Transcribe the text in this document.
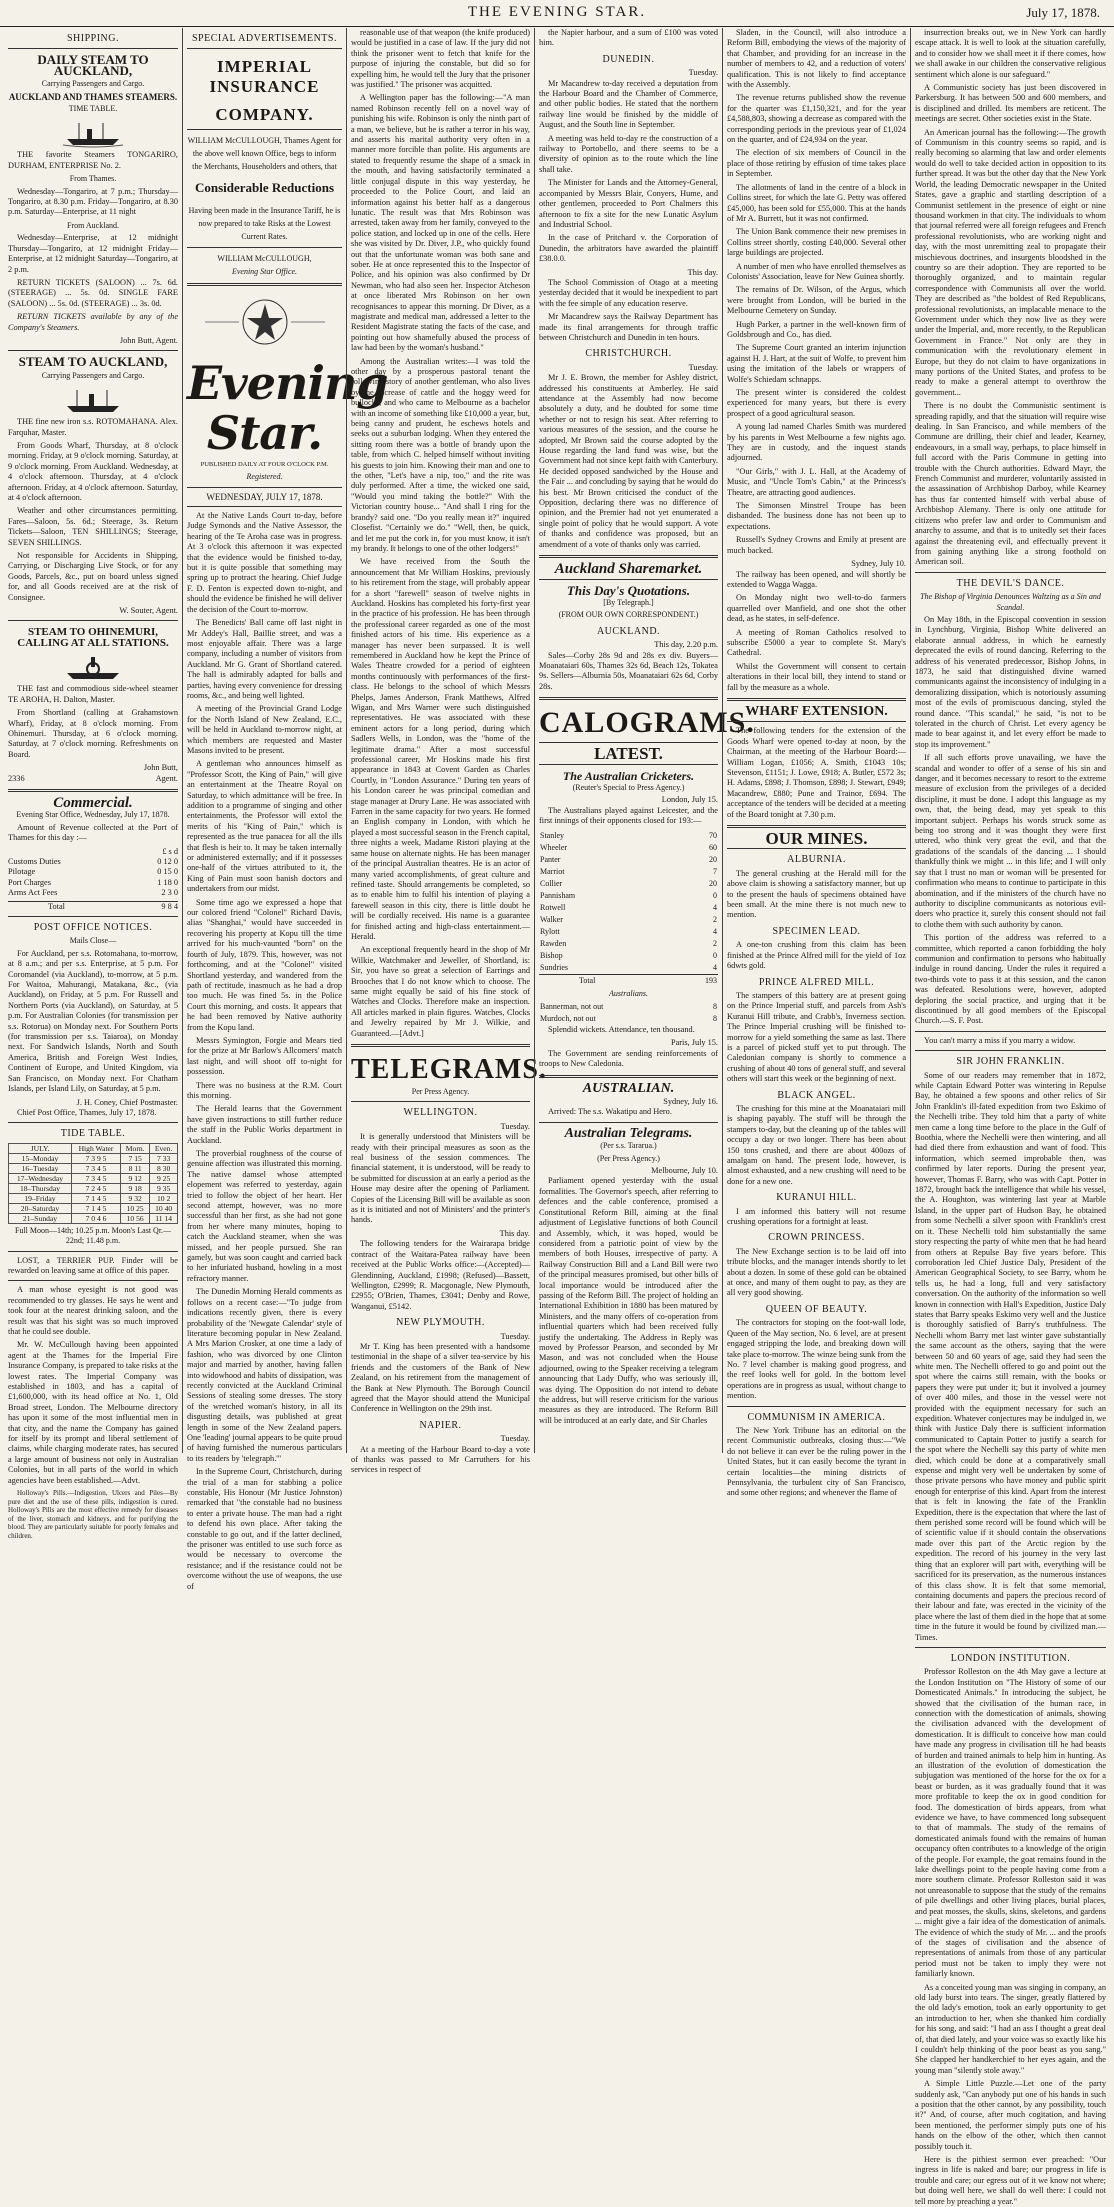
THE EVENING STAR.	July 17, 1878.
SHIPPING.
DAILY STEAM TO AUCKLAND,
Carrying Passengers and Cargo.
AUCKLAND AND THAMES STEAMERS.
TIME TABLE.

THE favorite Steamers TONGARIRO, DURHAM, ENTERPRISE No. 2.

From Thames.

Wednesday—Tongariro, at 7 p.m.; Thursday—Tongariro, at 8.30 p.m. Friday—Tongariro, at 8.30 p.m. Saturday—Enterprise, at 11 night

From Auckland.

Wednesday—Enterprise, at 12 midnight Thursday—Tongariro, at 12 midnight Friday—Enterprise, at 12 midnight Saturday—Tongariro, at 2 p.m.

RETURN TICKETS (SALOON) ... 7s. 6d. (STEERAGE) ... 5s. 0d. SINGLE FARE (SALOON) ... 5s. 0d. (STEERAGE) ... 3s. 0d.

RETURN TICKETS available by any of the Company's Steamers.

John Butt, Agent.
STEAM TO AUCKLAND,
Carrying Passengers and Cargo.

THE fine new iron s.s. ROTOMAHANA. Alex. Farquhar, Master.

From Goods Wharf, Thursday, at 8 o'clock morning. Friday, at 9 o'clock morning. Saturday, at 9 o'clock morning. From Auckland. Wednesday, at 4 o'clock afternoon. Thursday, at 4 o'clock afternoon. Friday, at 4 o'clock afternoon. Saturday, at 4 o'clock afternoon.

Weather and other circumstances permitting. Fares—Saloon, 5s. 6d.; Steerage, 3s. Return Tickets—Saloon, TEN SHILLINGS; Steerage, SEVEN SHILLINGS.

Not responsible for Accidents in Shipping, Carrying, or Discharging Live Stock, or for any Goods, Parcels, &c., put on board unless signed for, and all Goods received are at the risk of Consignee.

W. Souter, Agent.
STEAM TO OHINEMURI, CALLING AT ALL STATIONS.

THE fast and commodious side-wheel steamer TE AROHA, H. Dalton, Master.

From Shortland (calling at Grahamstown Wharf), Friday, at 8 o'clock morning. From Ohinemuri. Thursday, at 6 o'clock morning. Saturday, at 7 o'clock morning. Refreshments on Board.

John Butt,
2336	Agent.
Commercial.
Evening Star Office, Wednesday, July 17, 1878.

Amount of Revenue collected at the Port of Thames for this day :—

£ s d
Customs Duties	0 12 0
Pilotage	0 15 0
Port Charges	1 18 0
Arms Act Fees	2 3 0
Total	9 8 4
POST OFFICE NOTICES.
Mails Close—

For Auckland, per s.s. Rotomahana, to-morrow, at 8 a.m.; and per s.s. Enterprise, at 5 p.m. For Coromandel (via Auckland), to-morrow, at 5 p.m. For Waitoa, Mahurangi, Matakana, &c., (via Auckland), on Friday, at 5 p.m. For Russell and Northern Ports (via Auckland), on Saturday, at 5 p.m. For Australian Colonies (for transmission per s.s. Rotorua) on Monday next. For Southern Ports (for transmission per s.s. Taiaroa), on Monday next. For Sandwich Islands, North and South America, British and Foreign West Indies, Continent of Europe, and United Kingdom, via San Francisco, on Monday next. For Chatham Islands, per Island Lily, on Saturday, at 5 p.m.

J. H. Coney, Chief Postmaster.

Chief Post Office, Thames, July 17, 1878.

TIDE TABLE.
JULY.	High Water	Morn.	Even.
15–Monday	7 3 9 5	7 15	7 33
16–Tuesday	7 3 4 5	8 11	8 30
17–Wednesday	7 3 4 5	9 12	9 25
18–Thursday	7 2 4 5	9 18	9 35
19–Friday	7 1 4 5	9 32	10 2
20–Saturday	7 1 4 5	10 25	10 40
21–Sunday	7 0 4 6	10 56	11 14
Full Moon—14th; 10.25 p.m. Moon's Last Qr.—22nd; 11.48 p.m.

LOST, a TERRIER PUP. Finder will be rewarded on leaving same at office of this paper.

A man whose eyesight is not good was recommended to try glasses. He says he went and took four at the nearest drinking saloon, and the result was that his sight was so much improved that he could see double.

Mr. W. McCullough having been appointed agent at the Thames for the Imperial Fire Insurance Company, is prepared to take risks at the lowest rates. The Imperial Company was established in 1803, and has a capital of £1,600,000, with its head office at No. 1, Old Broad street, London. The Melbourne directory has upon it some of the most influential men in that city, and the name the Company has gained for itself by its prompt and liberal settlement of claims, while charging moderate rates, has secured a large amount of business not only in Australian Colonies, but in all parts of the world in which agencies have been established.—Advt.

Holloway's Pills.—Indigestion, Ulcers and Piles—By pure diet and the use of these pills, indigestion is cured. Holloway's Pills are the most effective remedy for diseases of the liver, stomach and kidneys, and for purifying the blood. They are particularly suitable for poorly females and children.

SPECIAL ADVERTISEMENTS.
IMPERIAL INSURANCE
COMPANY.
WILLIAM McCULLOUGH, Thames Agent for the above well known Office, begs to inform the Merchants, Householders and others, that
Considerable Reductions
Having been made in the Insurance Tariff, he is now prepared to take Risks at the Lowest Current Rates.
WILLIAM McCULLOUGH,
Evening Star Office.
Evening Star.
PUBLISHED DAILY AT FOUR O'CLOCK P.M.
Registered.
WEDNESDAY, JULY 17, 1878.

At the Native Lands Court to-day, before Judge Symonds and the Native Assessor, the hearing of the Te Aroha case was in progress. At 3 o'clock this afternoon it was expected that the evidence would be finished to-day, but it is quite possible that something may spring up to protract the hearing. Chief Judge F. D. Fenton is expected down to-night, and should the evidence be finished he will deliver the decision of the Court to-morrow.

The Benedicts' Ball came off last night in Mr Addey's Hall, Baillie street, and was a most enjoyable affair. There was a large company, including a number of visitors from Auckland. Mr G. Grant of Shortland catered. The hall is admirably adapted for balls and parties, having every convenience for dressing rooms, &c., and being well lighted.

A meeting of the Provincial Grand Lodge for the North Island of New Zealand, E.C., will be held in Auckland to-morrow night, at which members are requested and Master Masons invited to be present.

A gentleman who announces himself as "Professor Scott, the King of Pain," will give an entertainment at the Theatre Royal on Saturday, to which admittance will be free. In addition to a programme of singing and other entertainments, the Professor will extol the merits of his "King of Pain," which is represented as the true panacea for all the ills that flesh is heir to. It may be taken internally or administered externally; and if it possesses one-half of the virtues attributed to it, the King of Pain must soon banish doctors and undertakers from our midst.

Some time ago we expressed a hope that our colored friend "Colonel" Richard Davis, alias "Shanghai," would have succeeded in recovering his property at Kopu till the time arrived for his much-vaunted "born" on the fourth of July, 1879. This, however, was not forthcoming, and at the "Colonel" visited Shortland yesterday, and wandered from the path of rectitude, inasmuch as he had a drop too much. He was fined 5s. in the Police Court this morning, and costs. It appears that he had been removed by Native authority from the Kopu land.

Messrs Symington, Forgie and Mears tied for the prize at Mr Barlow's Allcomers' match last night, and will shoot off to-night for possession.

There was no business at the R.M. Court this morning.

The Herald learns that the Government have given instructions to still further reduce the staff in the Public Works department in Auckland.

The proverbial roughness of the course of genuine affection was illustrated this morning. The native damsel whose attempted elopement was referred to yesterday, again tried to follow the object of her heart. Her second attempt, however, was no more successful than her first, as she had not gone from her where many minutes, hoping to catch the Auckland steamer, when she was missed, and her people pursued. She ran gamely, but was soon caught and carried back to her infuriated husband, howling in a most refractory manner.

The Dunedin Morning Herald comments as follows on a recent case:—"To judge from indications recently given, there is every probability of the 'Newgate Calendar' style of literature becoming popular in New Zealand. A Mrs Marion Crosker, at one time a lady of fashion, who was divorced by one Clinton major and married by another, having fallen into widowhood and habits of dissipation, was recently convicted at the Auckland Criminal Sessions of stealing some dresses. The story of the wretched woman's history, in all its disgusting details, was published at great length in some of the New Zealand papers. One 'leading' journal appears to be quite proud of having furnished the numerous particulars to its readers by 'telegraph.'"

In the Supreme Court, Christchurch, during the trial of a man for stabbing a police constable, His Honour (Mr Justice Johnston) remarked that "the constable had no business to enter a private house. The man had a right to defend his own place. After taking the constable to go out, and if the latter declined, the prisoner was entitled to use such force as would be necessary to overcome the resistance; and if the resistance could not be overcome without the use of weapons, the use of

reasonable use of that weapon (the knife produced) would be justified in a case of law. If the jury did not think the prisoner went to fetch that knife for the purpose of injuring the constable, but did so for expelling him, he would tell the Jury that the prisoner was justified." The prisoner was acquitted.

A Wellington paper has the following:—"A man named Robinson recently fell on a novel way of punishing his wife. Robinson is only the ninth part of a man, we believe, but he is rather a terror in his way, and asserts his marital authority very often in a manner more forcible than polite. His arguments are stated to frequently resume the shape of a smack in the mouth, and having satisfactorily terminated a little conjugal dispute in this way yesterday, he proceeded to the Police Court, and laid an information against his better half as a dangerous lunatic. The result was that Mrs Robinson was arrested, taken away from her family, conveyed to the police station, and locked up in one of the cells. Here she was visited by Dr. Diver, J.P., who quickly found out that the unfortunate woman was both sane and sober. He at once represented this to the Inspector of Police, and his opinion was also confirmed by Dr Newman, who had also seen her. Inspector Atcheson at once liberated Mrs Robinson on her own recognisances to appear this morning. Dr Diver, as a magistrate and medical man, addressed a letter to the Resident Magistrate stating the facts of the case, and pointing out how shamefully abused the process of law had been by the woman's husband."

Among the Australian writes:—I was told the other day by a prosperous pastoral tenant the following story of another gentleman, who also lives by the increase of cattle and the hoggy weed for bullocks, and who came to Melbourne as a bachelor with an income of something like £10,000 a year, but, being canny and prudent, he eschews hotels and seeks out a suburban lodging. When they entered the sitting room there was a bottle of brandy upon the table, from which C. helped himself without inviting his guests to join him. Knowing their man and one to the other, "Let's have a nip, too," and the rite was duly performed. After a time, the wicked one said, "Would you mind taking the bottle?" With the Victorian country house... "And shall I ring for the brandy? said one. "Do you really mean it?" inquired Closefist. "Certainly we do." "Well, then, be quick, and let me put the cork in, for you must know, it isn't my brandy. It belongs to one of the other lodgers!"

We have received from the South the announcement that Mr William Hoskins, previously to his retirement from the stage, will probably appear for a short "farewell" season of twelve nights in Auckland. Hoskins has completed his forty-first year in the practice of his profession. He has been through the professional career regarded as one of the most finished actors of his time. His experience as a manager has never been surpassed. It is well remembered in Auckland how he kept the Prince of Wales Theatre crowded for a period of eighteen months continuously with performances of the first-class. He belongs to the school of which Messrs Phelps, James Anderson, Frank Matthews, Alfred Wigan, and Mrs Warner were such distinguished representatives. He was associated with these eminent actors for a long period, during which Sadlers Wells, in London, was the "home of the legitimate drama." After a most successful professional career, Mr Hoskins made his first appearance in 1843 at Covent Garden as Charles Courtly, in "London Assurance." During ten years of his London career he was principal comedian and stage manager at Drury Lane. He was associated with Farren in the same capacity for two years. He formed an English company in London, with which he played a most successful season in the French capital, three nights a week, Madame Ristori playing at the same house on alternate nights. He has been manager of the principal Australian theatres. He is an actor of many varied accomplishments, of great culture and refined taste. Should arrangements be completed, so as to enable him to fulfil his intention of playing a farewell season in this city, there is little doubt he will be cordially received. His name is a guarantee for finished acting and high-class entertainment.—Herald.

An exceptional frequently heard in the shop of Mr Wilkie, Watchmaker and Jeweller, of Shortland, is: Sir, you have so great a selection of Earrings and Brooches that I do not know which to choose. The same might equally be said of his fine stock of Watches and Clocks. Therefore make an inspection. All articles marked in plain figures. Watches, Clocks and Jewelry repaired by Mr J. Wilkie, and Guaranteed.—[Advt.]

TELEGRAMS.
Per Press Agency.
WELLINGTON.
Tuesday.

It is generally understood that Ministers will be ready with their principal measures as soon as the real business of the session commences. The financial statement, it is understood, will be ready to be submitted for discussion at an early a period as the House may desire after the opening of Parliament. Copies of the Licensing Bill will be available as soon as it is initiated and not of Ministers' and the printer's hands.

This day.

The following tenders for the Wairarapa bridge contract of the Waitara-Patea railway have been received at the Public Works office:—(Accepted)—Glendinning, Auckland, £1998; (Refused)—Bassett, Wellington, £2999; R. Macgonagle, New Plymouth, £2955; O'Brien, Thames, £3041; Denby and Rowe, Wanganui, £5142.

NEW PLYMOUTH.
Tuesday.

Mr T. King has been presented with a handsome testimonial in the shape of a silver tea-service by his friends and the customers of the Bank of New Zealand, on his retirement from the management of the Bank at New Plymouth. The Borough Council agreed that the Mayor should attend the Municipal Conference in Wellington on the 29th inst.

NAPIER.
Tuesday.

At a meeting of the Harbour Board to-day a vote of thanks was passed to Mr Carruthers for his services in respect of

the Napier harbour, and a sum of £100 was voted him.

DUNEDIN.
Tuesday.

Mr Macandrew to-day received a deputation from the Harbour Board and the Chamber of Commerce, and other public bodies. He stated that the northern railway line would be finished by the middle of August, and the South line in September.

A meeting was held to-day re the construction of a railway to Portobello, and there seems to be a diversity of opinion as to the route which the line shall take.

The Minister for Lands and the Attorney-General, accompanied by Messrs Blair, Conyers, Hume, and other gentlemen, proceeded to Port Chalmers this afternoon to fix a site for the new Lunatic Asylum and Industrial School.

In the case of Pritchard v. the Corporation of Dunedin, the arbitrators have awarded the plaintiff £38.0.0.

This day.

The School Commission of Otago at a meeting yesterday decided that it would be inexpedient to part with the fee simple of any education reserve.

Mr Macandrew says the Railway Department has made its final arrangements for through traffic between Christchurch and Dunedin in ten hours.

CHRISTCHURCH.
Tuesday.

Mr J. E. Brown, the member for Ashley district, addressed his constituents at Amberley. He said attendance at the Assembly had now become absolutely a duty, and he doubted for some time whether or not to resign his seat. After referring to various measures of the session, and the course he adopted, Mr Brown said the course adopted by the House regarding the land fund was wise, but the Government had not since kept faith with Canterbury. He decided opposed sandwiched by the House and the Fair ... and concluding by saying that he would do his best. Mr Brown criticised the conduct of the Opposition, declaring there was no difference of opinion, and the Premier had not yet enumerated a single point of policy that he would support. A vote of thanks and confidence was proposed, but an amendment of a vote of thanks only was carried.

Auckland Sharemarket.
This Day's Quotations.
[By Telegraph.]
(FROM OUR OWN CORRESPONDENT.)
AUCKLAND.
This day, 2.20 p.m.

Sales—Corby 28s 9d and 28s ex div. Buyers—Moanataiari 60s, Thames 32s 6d, Beach 12s, Tokatea 9s. Sellers—Alburnia 50s, Moanataiari 62s 6d, Corby 28s.

CALOGRAMS.
LATEST.
The Australian Cricketers.
(Reuter's Special to Press Agency.)
London, July 15.

The Australians played against Leicester, and the first innings of their opponents closed for 193:—

Stanley	70
Wheeler	60
Panter	20
Marriot	7
Collier	20
Pannisham	0
Rotwell	4
Walker	2
Rylott	4
Rawden	2
Bishop	0
Sundries	4
Total	193
Australians.
Bannerman, not out	8
Murdoch, not out	8

Splendid wickets. Attendance, ten thousand.

Paris, July 15.

The Government are sending reinforcements of troops to New Caledonia.

AUSTRALIAN.
Sydney, July 16.

Arrived: The s.s. Wakatipu and Hero.

Australian Telegrams.
(Per s.s. Tararua.)
(Per Press Agency.)
Melbourne, July 10.

Parliament opened yesterday with the usual formalities. The Governor's speech, after referring to defences and the cable conference, promised a Constitutional Reform Bill, aiming at the final adjustment of Legislative functions of both Council and Assembly, which, it was hoped, would be considered from a patriotic point of view by the members of both Houses, irrespective of party. A Railway Construction Bill and a Land Bill were two of the principal measures promised, but other bills of local importance would be introduced after the passing of the Reform Bill. The project of holding an International Exhibition in 1880 has been matured by Ministers, and the many offers of co-operation from influential quarters which had been received fully justify the undertaking. The Address in Reply was moved by Professor Pearson, and seconded by Mr Mason, and was not concluded when the House adjourned, owing to the Speaker receiving a telegram announcing that Lady Duffy, who was seriously ill, was dying. The Opposition do not intend to debate the address, but will reserve criticism for the various measures as they are introduced. The Reform Bill will be introduced at an early date, and Sir Charles

Sladen, in the Council, will also introduce a Reform Bill, embodying the views of the majority of that Chamber, and providing for an increase in the number of members to 42, and a reduction of voters' qualification. This is not likely to find acceptance with the Assembly.

The revenue returns published show the revenue for the quarter was £1,150,321, and for the year £4,588,803, showing a decrease as compared with the corresponding periods in the previous year of £1,024 on the quarter, and of £24,934 on the year.

The election of six members of Council in the place of those retiring by effusion of time takes place in September.

The allotments of land in the centre of a block in Collins street, for which the late G. Petty was offered £45,000, has been sold for £55,000. This at the hands of Mr A. Burrett, but it was not confirmed.

The Union Bank commence their new premises in Collins street shortly, costing £40,000. Several other large buildings are projected.

A number of men who have enrolled themselves as Colonists' Association, leave for New Guinea shortly.

The remains of Dr. Wilson, of the Argus, which were brought from London, will be buried in the Melbourne Cemetery on Sunday.

Hugh Parker, a partner in the well-known firm of Goldsbrough and Co., has died.

The Supreme Court granted an interim injunction against H. J. Hart, at the suit of Wolfe, to prevent him using the imitation of the labels or wrappers of Wolfe's Schiedam schnapps.

The present winter is considered the coldest experienced for many years, but there is every prospect of a good agricultural season.

A young lad named Charles Smith was murdered by his parents in West Melbourne a few nights ago. They are in custody, and the inquest stands adjourned.

"Our Girls," with J. L. Hall, at the Academy of Music, and "Uncle Tom's Cabin," at the Princess's Theatre, are attracting good audiences.

The Simonsen Minstrel Troupe has been disbanded. The business done has not been up to expectations.

Russell's Sydney Crowns and Emily at present are much backed.

Sydney, July 10.

The railway has been opened, and will shortly be extended to Wagga Wagga.

On Monday night two well-to-do farmers quarrelled over Manfield, and one shot the other dead, as he states, in self-defence.

A meeting of Roman Catholics resolved to subscribe £5000 a year to complete St. Mary's Cathedral.

Whilst the Government will consent to certain alterations in their local bill, they intend to stand or fall by the measure as a whole.

WHARF EXTENSION.

The following tenders for the extension of the Goods Wharf were opened to-day at noon, by the Chairman, at the meeting of the Harbour Board:—William Logan, £1056; A. Smith, £1043 10s; Stevenson, £1151; J. Lowe, £918; A. Butler, £572 3s; H. Adams, £898; J. Thomson, £898; J. Stewart, £949; Macandrew, £880; Pune and Trainor, £694. The acceptance of the tenders will be decided at a meeting of the Board tonight at 7.30 p.m.

OUR MINES.
ALBURNIA.

The general crushing at the Herald mill for the above claim is showing a satisfactory manner, but up to the present the hauls of specimens obtained have been small. At the mine there is not much new to mention.

SPECIMEN LEAD.

A one-ton crushing from this claim has been finished at the Prince Alfred mill for the yield of 1oz 6dwts gold.

PRINCE ALFRED MILL.

The stampers of this battery are at present going on the Prince Imperial stuff, and parcels from Ash's Kuranui Hill tribute, and Crabb's, Inverness section. The Prince Imperial crushing will be finished to-morrow for a yield something the same as last. There is a parcel of picked stuff yet to put through. The Caledonian company is shortly to commence a crushing of about 40 tons of general stuff, and several others will start this week or the beginning of next.

BLACK ANGEL.

The crushing for this mine at the Moanataiari mill is shaping payably. The stuff will be through the stampers to-day, but the cleaning up of the tables will occupy a day or two longer. There has been about 150 tons crushed, and there are about 400ozs of amalgam on hand. The present lode, however, is almost exhausted, and a new crushing will need to be done for a new one.

KURANUI HILL.

I am informed this battery will not resume crushing operations for a fortnight at least.

CROWN PRINCESS.

The New Exchange section is to be laid off into tribute blocks, and the manager intends shortly to let about a dozen. In some of these gold can be obtained at once, and many of them ought to pay, as they are all very good showing.

QUEEN OF BEAUTY.

The contractors for stoping on the foot-wall lode, Queen of the May section, No. 6 level, are at present engaged stripping the lode, and breaking down will take place to-morrow. The winze being sunk from the No. 7 level chamber is making good progress, and the reef looks well for gold. In the bottom level operations are in progress as usual, without change to mention.

COMMUNISM IN AMERICA.

The New York Tribune has an editorial on the recent Communistic outbreaks, closing thus:—"We do not believe it can ever be the ruling power in the United States, but it can easily become the tyrant in certain localities—the mining districts of Pennsylvania, the turbulent city of San Francisco, and some other regions; and whenever the flame of

insurrection breaks out, we in New York can hardly escape attack. It is well to look at the situation carefully, and to consider how we shall meet it if there comes, how we shall awake in our children the conservative religious sentiment which alone is our safeguard."

A Communistic society has just been discovered in Parkersburg. It has between 500 and 600 members, and is disciplined and drilled. Its members are reticent. The meetings are secret. Other societies exist in the State.

An American journal has the following:—The growth of Communism in this country seems so rapid, and is really becoming so alarming that law and order elements would do well to take decided action in opposition to its further spread. It was but the other day that the New York World, the leading Democratic newspaper in the United States, gave a graphic and startling description of a Communist settlement in the presence of eight or nine thousand workmen in that city. The individuals to whom that journal referred were all foreign refugees and French professional revolutionists, who are working night and day, with the most unremitting zeal to propagate their mischievous doctrines, and insurgents bloodshed in the country so are their adoption. They are reported to be thoroughly organized, and to maintain regular correspondence with Communists all over the world. They are described as "the boldest of Red Republicans, professional revolutionists, an implacable menace to the Government under which they now live as they were under the Imperial, and, more recently, to the Republican Government in France." Not only are they in communication with the revolutionary element in Europe, but they do not claim to have organizations in many portions of the United States, and profess to be ready to make a general attempt to overthrow the government...

There is no doubt the Communistic sentiment is spreading rapidly, and that the situation will require wise dealing. In San Francisco, and while members of the Commune are drilling, their chief and leader, Kearney, endeavours, in a small way, perhaps, to place himself in full accord with the Paris Commune in getting into trouble with the Church authorities. Edward Mayr, the French Communist and murderer, voluntarily assisted in the assassination of Archbishop Darboy, while Kearney has thus far contented himself with verbal abuse of Archbishop Alemany. There is only one attitude for citizens who prefer law and order to Communism and anarchy to assume, and that is to unitedly set their faces against the threatening evil, and effectually prevent it from gaining anything like a strong foothold on American soil.

THE DEVIL'S DANCE.
The Bishop of Virginia Denounces Waltzing as a Sin and Scandal.

On May 18th, in the Episcopal convention in session in Lynchburg, Virginia, Bishop White delivered an elaborate annual address, in which he earnestly deprecated the evils of round dancing. Referring to the address of his venerated predecessor, Bishop Johns, in 1873, he said that distinguished divine warned communicants against the inconsistency of indulging in a demoralizing dissipation, which is notoriously assuming most of the evils of promiscuous dancing, styled the round dance. "This scandal," he said, "is not to be tolerated in the church of Christ. Let every agency be made to bear against it, and let every effort be made to stop its improvement."

If all such efforts prove unavailing, we have the scandal and wonder to offer of a sense of his sin and danger, and it becomes necessary to resort to the extreme measure of exclusion from the privileges of a decided discipline, it must be done. I adopt this language as my own, that, the being dead, may yet speak to this important subject. Perhaps his words struck some as being too strong and it was thought they were first uttered, who think very great the evil, and that the gradations of the scandals of the dancing ... I should thankfully think we might ... in this life; and I will only say that I trust no man or woman will be presented for confirmation who means to continue to participate in this abomination, and if the ministers of the church have no authority to discipline communicants as notorious evil-doers who practice it, surely this consent should not fail to clothe them with such authority by canon.

This portion of the address was referred to a committee, which reported a canon forbidding the holy communion and confirmation to persons who habitually indulge in round dancing. Under the rules it required a two-thirds vote to pass it at this session, and the canon was defeated. Resolutions were, however, adopted deploring the social practice, and urging that it be discontinued by all good members of the Episcopal Church.—S. F. Post.

You can't marry a miss if you marry a widow.

SIR JOHN FRANKLIN.

Some of our readers may remember that in 1872, while Captain Edward Potter was wintering in Repulse Bay, he obtained a few spoons and other relics of Sir John Franklin's ill-fated expedition from two Eskimo of the Nechelli tribe. They told him that a party of white men came a long time before to the place in the Gulf of Boothia, where the Nechelli were then wintering, and all had died there from exhaustion and want of food. This information, which seemed improbable then, was confirmed by later reports. During the present year, however, Thomas F. Barry, who was with Capt. Potter in 1872, brought back the intelligence that while his vessel, the A. Houghton, was wintering last year at Marble Island, in the upper part of Hudson Bay, he obtained from some Nechelli a silver spoon with Franklin's crest on it. These Nechelli told him substantially the same story respecting the party of white men that he had heard from others at Repulse Bay five years before. This corroboration led Chief Justice Daly, President of the American Geographical Society, to see Barry, whom he tells us, he had a long, full and very satisfactory conversation. On the authority of the information so well known in connection with Hall's Expedition, Justice Daly states that Barry speaks Eskimo very well and the Justice is thoroughly satisfied of Barry's truthfulness. The Nechelli whom Barry met last winter gave substantially the same account as the others, saying that the were between 50 and 60 years of age, said they had seen the white men. The Nechelli offered to go and point out the spot where the cairns still remain, with the books or papers they were put under it; but it involved a journey of over 400 miles, and those in the vessel were not provided with the equipment necessary for such an expedition. Whatever conjectures may be indulged in, we think with Justice Daly there is sufficient information communicated to Captain Potter to justify a search for the spot where the Nechelli say this party of white men died, which could be done at a comparatively small expense and might very well be undertaken by some of those private persons who have money and public spirit enough for enterprise of this kind. Apart from the interest that is felt in knowing the fate of the Franklin Expedition, there is the expectation that where the last of them perished some record will be found which will be of scientific value if it should contain the observations made over this part of the Arctic region by the expedition. The record of his journey in the very last thing that an explorer will part with, everything will be sacrificed for its preservation, as the numerous instances of this class show. It is felt that some memorial, containing documents and papers the precious record of their labour and fate, was erected in the vicinity of the place where the last of them died in the hope that at some time in the future it would be found by civilized man.—Times.

LONDON INSTITUTION.

Professor Rolleston on the 4th May gave a lecture at the London Institution on "The History of some of our Domesticated Animals." In introducing the subject, he showed that the civilisation of the human race, in connection with the domestication of animals, showing the civilisation advanced with the development of domestication. It is difficult to conceive how man could have made any progress in civilisation till he had beasts of burden and trained animals to help him in hunting. As an illustration of the evolution of domestication the subjugation was mentioned of the horse for the ox for a beast or burden, as it was gradually found that it was more profitable to keep the ox in good condition for food. The domestication of birds appears, from what evidence we have, to have commenced long subsequent to that of mammals. The study of the remains of domesticated animals found with the remains of human occupancy often contributes to a knowledge of the origin of the people. For example, the goat remains found in the lake dwellings point to the people having come from a more southern climate. Professor Rolleston said it was not unreasonable to suppose that the study of the remains of pile dwellings and other living places, burial places, and peat mosses, the skulls, skins, skeletons, and gardens ... might give a fair idea of the domestication of animals. The evidence of which the study of Mr. ... and the proofs of the stages of civilisation and the absence of representations of animals from those of any particular period must not be taken to imply they were not familiarly known.

As a conceited young man was singing in company, an old lady burst into tears. The singer, greatly flattered by the old lady's emotion, took an early opportunity to get an introduction to her, when she thanked him cordially for his song, and said: "I had an ass I thought a great deal of, that died lately, and your voice was so exactly like his I couldn't help thinking of the poor beast as you sang." She clapped her handkerchief to her eyes again, and the young man "silently stole away."

A Simple Little Puzzle.—Let one of the party suddenly ask, "Can anybody put one of his hands in such a position that the other cannot, by any possibility, touch it?" And, of course, after much cogitation, and having been mentioned, the performer simply puts one of his hands on the elbow of the other, which then cannot possibly touch it.

Here is the pithiest sermon ever preached: "Our ingress in life is naked and bare; our progress in life is trouble and care; our egress out of it we know not where; but doing well here, we shall do well there: I could not tell more by preaching a year."
